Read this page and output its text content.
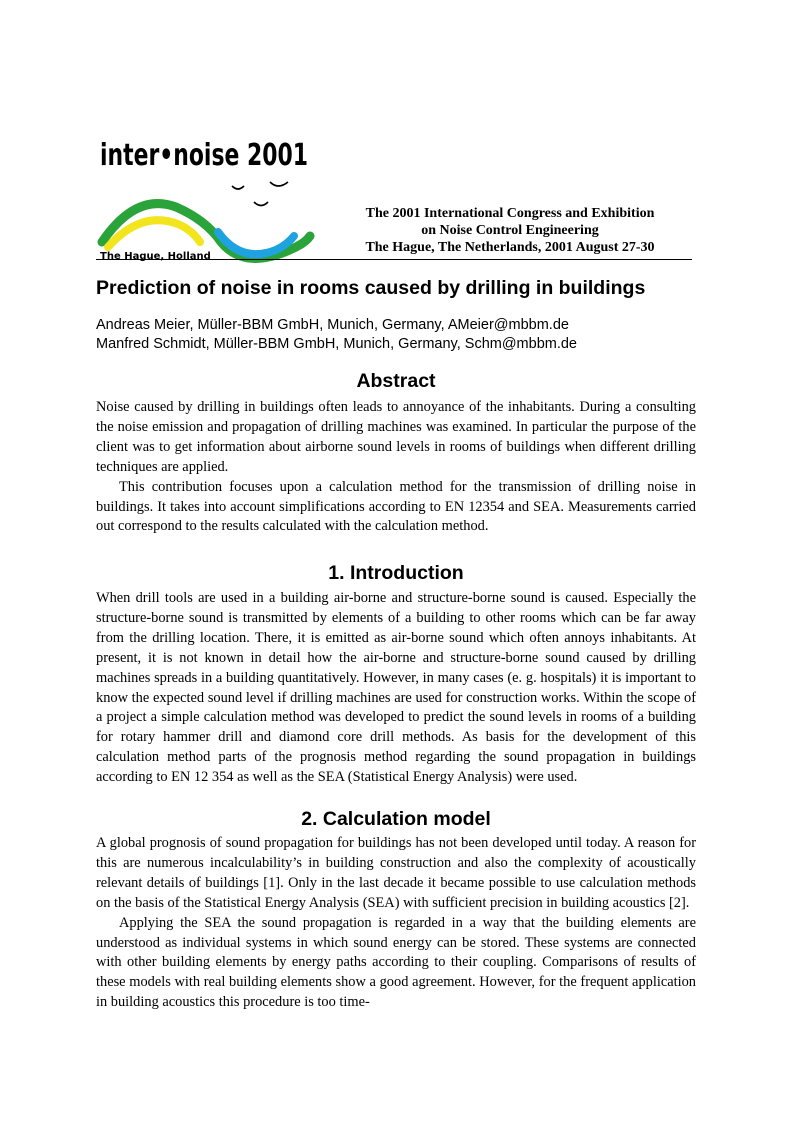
inter•noise 2001
The Hague, Holland
The 2001 International Congress and Exhibition
on Noise Control Engineering
The Hague, The Netherlands, 2001 August 27-30
Prediction of noise in rooms caused by drilling in buildings
Andreas Meier, Müller-BBM GmbH, Munich, Germany, AMeier@mbbm.de
Manfred Schmidt, Müller-BBM GmbH, Munich, Germany, Schm@mbbm.de
Abstract

Noise caused by drilling in buildings often leads to annoyance of the inhabitants. During a consulting the noise emission and propagation of drilling machines was examined. In particular the purpose of the client was to get information about airborne sound levels in rooms of buildings when different drilling techniques are applied.

This contribution focuses upon a calculation method for the transmission of drilling noise in buildings. It takes into account simplifications according to EN 12354 and SEA. Measurements carried out correspond to the results calculated with the calculation method.

1. Introduction

When drill tools are used in a building air-borne and structure-borne sound is caused. Especially the structure-borne sound is transmitted by elements of a building to other rooms which can be far away from the drilling location. There, it is emitted as air-borne sound which often annoys inhabitants. At present, it is not known in detail how the air-borne and structure-borne sound caused by drilling machines spreads in a building quantitatively. However, in many cases (e. g. hospitals) it is important to know the expected sound level if drilling machines are used for construction works. Within the scope of a project a simple calculation method was developed to predict the sound levels in rooms of a building for rotary hammer drill and diamond core drill methods. As basis for the development of this calculation method parts of the prognosis method regarding the sound propagation in buildings according to EN 12 354 as well as the SEA (Statistical Energy Analysis) were used.

2. Calculation model

A global prognosis of sound propagation for buildings has not been developed until today. A reason for this are numerous incalculability’s in building construction and also the complexity of acoustically relevant details of buildings [1]. Only in the last decade it became possible to use calculation methods on the basis of the Statistical Energy Analysis (SEA) with sufficient precision in building acoustics [2].

Applying the SEA the sound propagation is regarded in a way that the building elements are understood as individual systems in which sound energy can be stored. These systems are connected with other building elements by energy paths according to their coupling. Comparisons of results of these models with real building elements show a good agreement. However, for the frequent application in building acoustics this procedure is too time-
